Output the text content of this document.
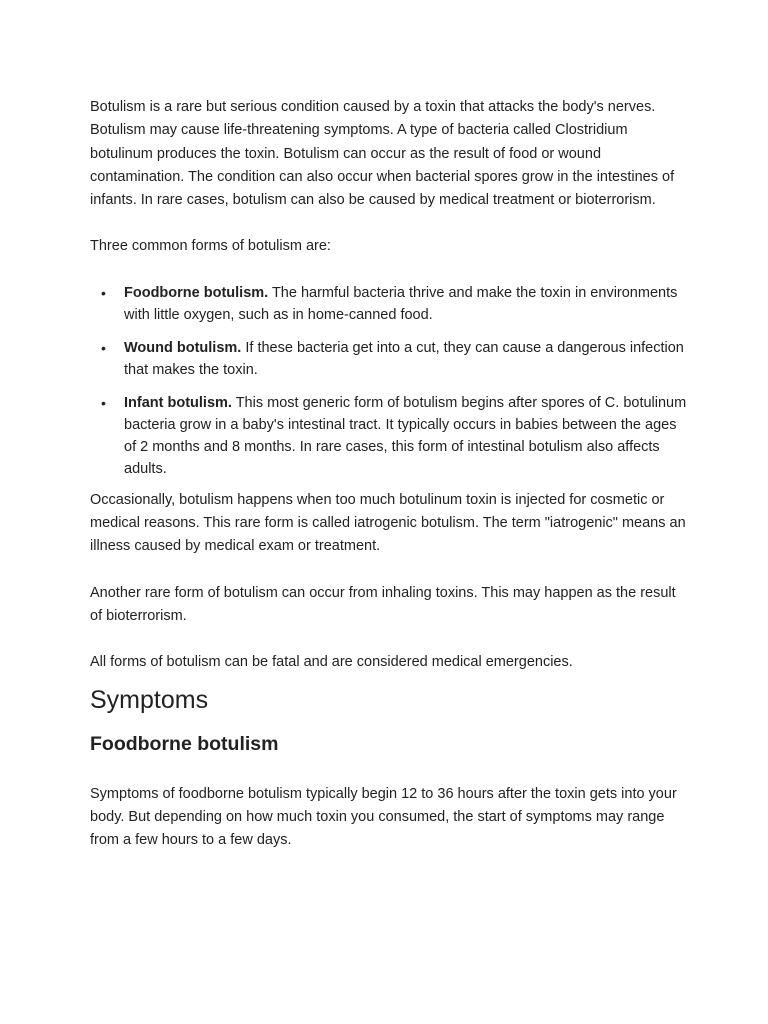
Botulism is a rare but serious condition caused by a toxin that attacks the body's nerves. Botulism may cause life-threatening symptoms. A type of bacteria called Clostridium botulinum produces the toxin. Botulism can occur as the result of food or wound contamination. The condition can also occur when bacterial spores grow in the intestines of infants. In rare cases, botulism can also be caused by medical treatment or bioterrorism.

Three common forms of botulism are:

• Foodborne botulism. The harmful bacteria thrive and make the toxin in environments with little oxygen, such as in home-canned food.
• Wound botulism. If these bacteria get into a cut, they can cause a dangerous infection that makes the toxin.
• Infant botulism. This most generic form of botulism begins after spores of C. botulinum bacteria grow in a baby's intestinal tract. It typically occurs in babies between the ages of 2 months and 8 months. In rare cases, this form of intestinal botulism also affects adults.

Occasionally, botulism happens when too much botulinum toxin is injected for cosmetic or medical reasons. This rare form is called iatrogenic botulism. The term "iatrogenic" means an illness caused by medical exam or treatment.

Another rare form of botulism can occur from inhaling toxins. This may happen as the result of bioterrorism.

All forms of botulism can be fatal and are considered medical emergencies.

Symptoms
Foodborne botulism

Symptoms of foodborne botulism typically begin 12 to 36 hours after the toxin gets into your body. But depending on how much toxin you consumed, the start of symptoms may range from a few hours to a few days.
